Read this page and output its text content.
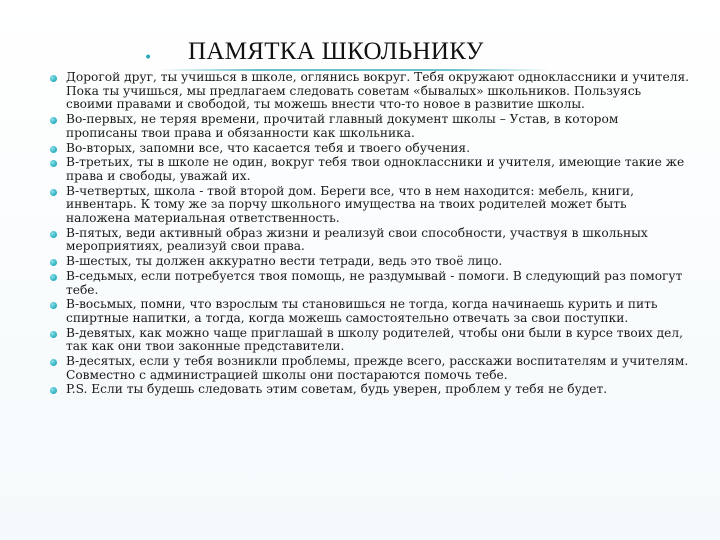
• ПАМЯТКА ШКОЛЬНИКУ
Дорогой друг, ты учишься в школе, оглянись вокруг. Тебя окружают одноклассники и учителя. Пока ты учишься, мы предлагаем следовать советам «бывалых» школьников. Пользуясь своими правами и свободой, ты можешь внести что-то новое в развитие школы.
Во-первых, не теряя времени, прочитай главный документ школы – Устав, в котором прописаны твои права и обязанности как школьника.
Во-вторых, запомни все, что касается тебя и твоего обучения.
В-третьих, ты в школе не один, вокруг тебя твои одноклассники и учителя, имеющие такие же права и свободы, уважай их.
В-четвертых, школа - твой второй дом. Береги все, что в нем находится: мебель, книги, инвентарь. К тому же за порчу школьного имущества на твоих родителей может быть наложена материальная ответственность.
В-пятых, веди активный образ жизни и реализуй свои способности, участвуя в школьных мероприятиях, реализуй свои права.
В-шестых, ты должен аккуратно вести тетради, ведь это твоё лицо.
В-седьмых, если потребуется твоя помощь, не раздумывай - помоги. В следующий раз помогут тебе.
В-восьмых, помни, что взрослым ты становишься не тогда, когда начинаешь курить и пить спиртные напитки, а тогда, когда можешь самостоятельно отвечать за свои поступки.
В-девятых, как можно чаще приглашай в школу родителей, чтобы они были в курсе твоих дел, так как они твои законные представители.
В-десятых, если у тебя возникли проблемы, прежде всего, расскажи воспитателям и учителям. Совместно с администрацией школы они постараются помочь тебе.
P.S. Если ты будешь следовать этим советам, будь уверен, проблем у тебя не будет.
